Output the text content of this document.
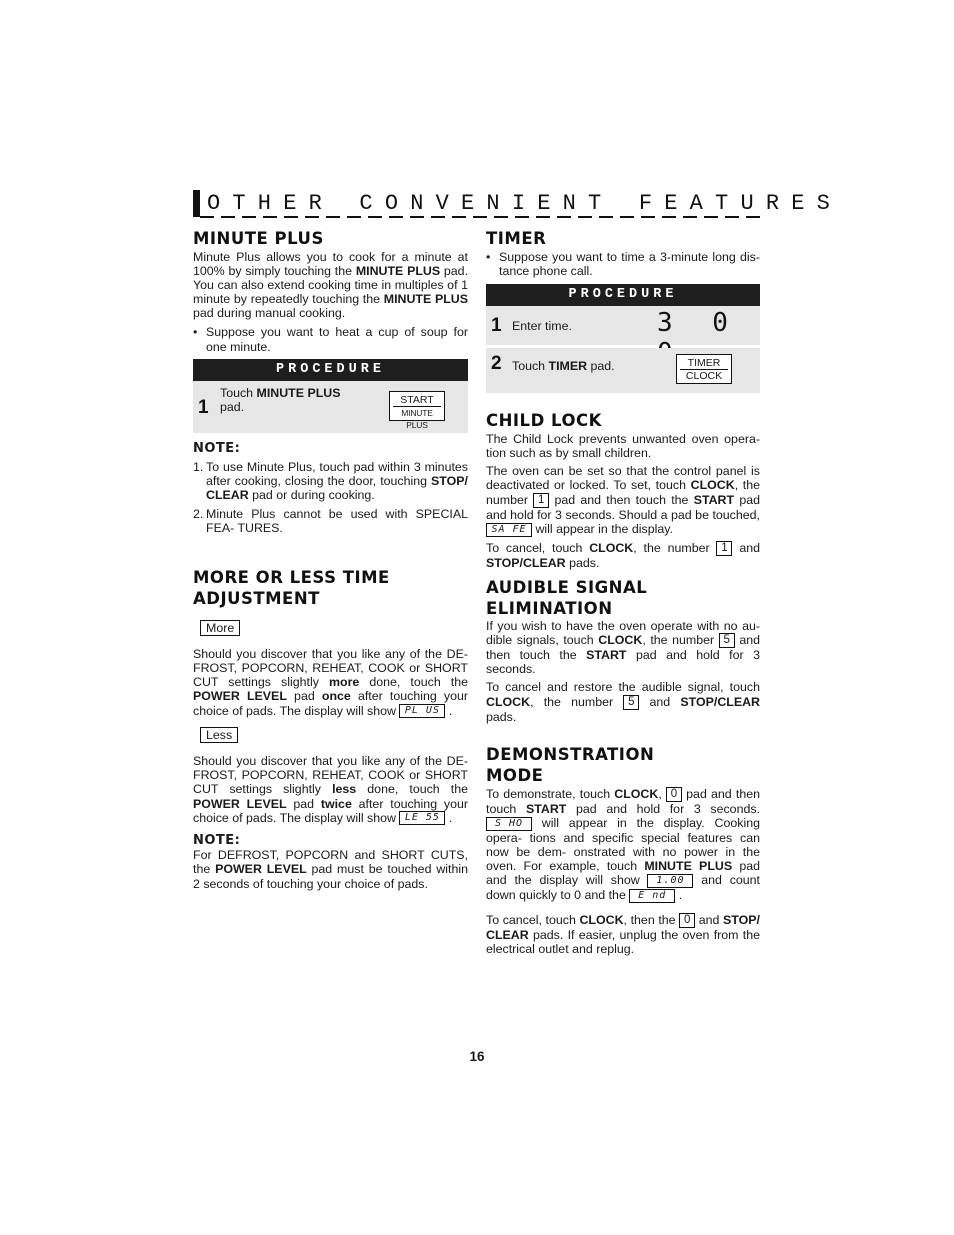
OTHER CONVENIENT FEATURES
MINUTE PLUS

Minute Plus allows you to cook for a minute at 100% by simply touching the MINUTE PLUS pad. You can also extend cooking time in multiples of 1 minute by repeatedly touching the MINUTE PLUS pad during manual cooking.

• Suppose you want to heat a cup of soup for one minute.
PROCEDURE
1
Touch MINUTE PLUS
pad.	START
MINUTE PLUS

NOTE:

1. To use Minute Plus, touch pad within 3 minutes after cooking, closing the door, touching STOP/ CLEAR pad or during cooking.
2. Minute Plus cannot be used with SPECIAL FEA- TURES.
MORE OR LESS TIME
ADJUSTMENT
More

Should you discover that you like any of the DE- FROST, POPCORN, REHEAT, COOK or SHORT CUT settings slightly more done, touch the POWER LEVEL pad once after touching your choice of pads. The display will show PL US .

Less

Should you discover that you like any of the DE- FROST, POPCORN, REHEAT, COOK or SHORT CUT settings slightly less done, touch the POWER LEVEL pad twice after touching your choice of pads. The display will show LE 55 .

NOTE:

For DEFROST, POPCORN and SHORT CUTS, the POWER LEVEL pad must be touched within 2 seconds of touching your choice of pads.

TIMER
• Suppose you want to time a 3-minute long dis- tance phone call.
PROCEDURE
1 Enter time.	3 0
2 Touch TIMER pad.	TIMER
CLOCK
CHILD LOCK

The Child Lock prevents unwanted oven opera- tion such as by small children.

The oven can be set so that the control panel is deactivated or locked. To set, touch CLOCK, the number 1 pad and then touch the START pad and hold for 3 seconds. Should a pad be touched, SA FE will appear in the display.

To cancel, touch CLOCK, the number 1 and STOP/CLEAR pads.

AUDIBLE SIGNAL
ELIMINATION

If you wish to have the oven operate with no au- dible signals, touch CLOCK, the number 5 and then touch the START pad and hold for 3 seconds.

To cancel and restore the audible signal, touch CLOCK, the number 5 and STOP/CLEAR pads.

DEMONSTRATION
MODE

To demonstrate, touch CLOCK, 0 pad and then touch START pad and hold for 3 seconds. S HO will appear in the display. Cooking opera- tions and specific special features can now be dem- onstrated with no power in the oven. For example, touch MINUTE PLUS pad and the display will show 1.00 and count down quickly to 0 and the E nd .

To cancel, touch CLOCK, then the 0 and STOP/ CLEAR pads. If easier, unplug the oven from the electrical outlet and replug.

16
